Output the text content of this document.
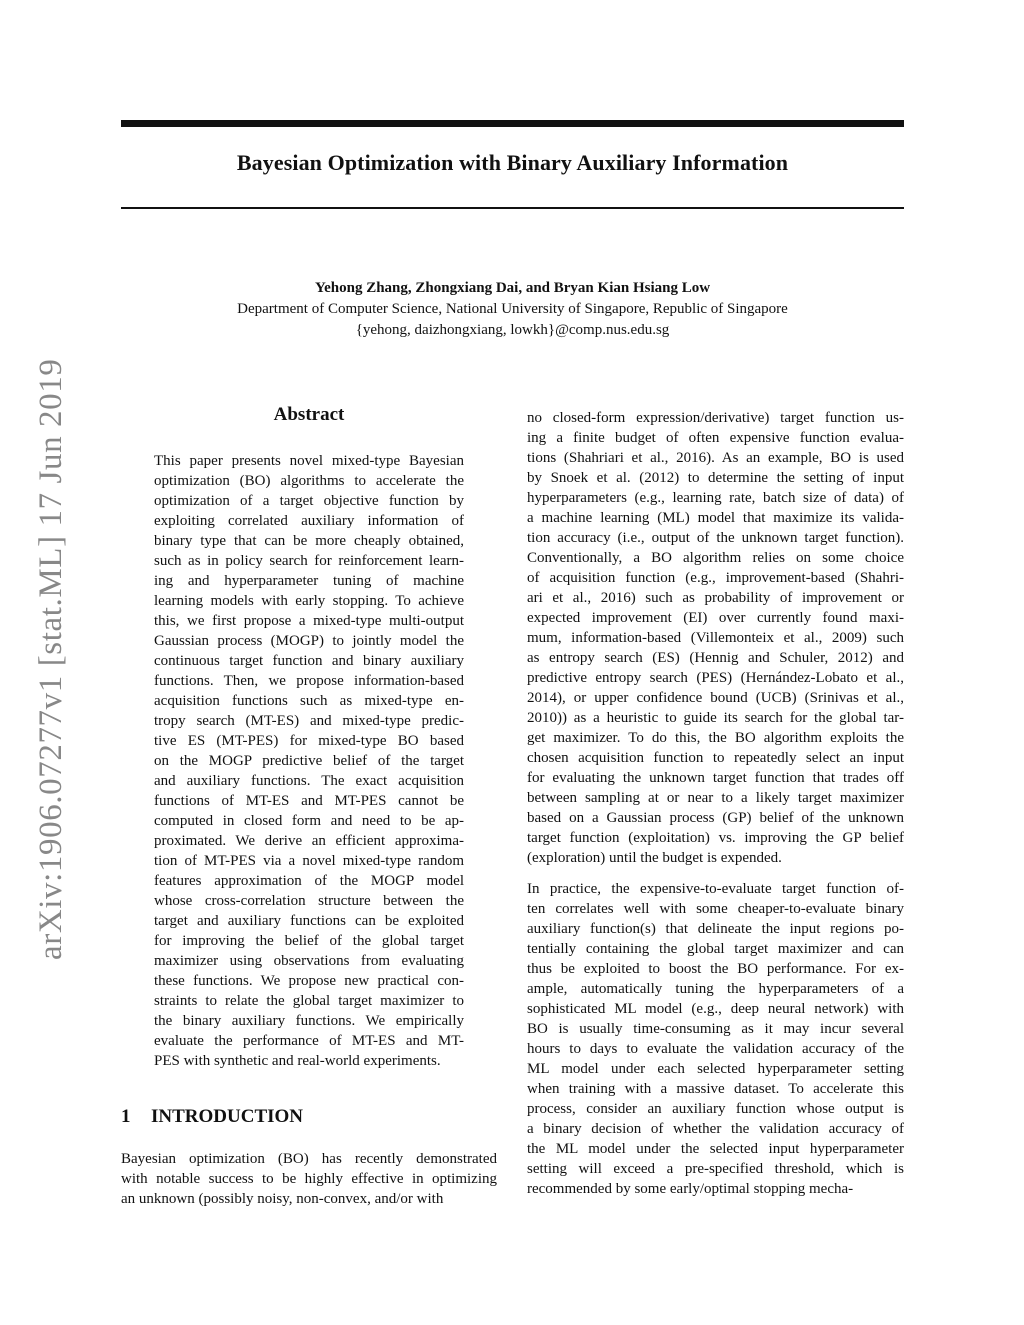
Bayesian Optimization with Binary Auxiliary Information
Yehong Zhang, Zhongxiang Dai, and Bryan Kian Hsiang Low
Department of Computer Science, National University of Singapore, Republic of Singapore
{yehong, daizhongxiang, lowkh}@comp.nus.edu.sg
arXiv:1906.07277v1 [stat.ML] 17 Jun 2019	Abstract
This paper presents novel mixed-type Bayesian
optimization (BO) algorithms to accelerate the
optimization of a target objective function by
exploiting correlated auxiliary information of
binary type that can be more cheaply obtained,
such as in policy search for reinforcement learn-
ing and hyperparameter tuning of machine
learning models with early stopping. To achieve
this, we first propose a mixed-type multi-output
Gaussian process (MOGP) to jointly model the
continuous target function and binary auxiliary
functions. Then, we propose information-based
acquisition functions such as mixed-type en-
tropy search (MT-ES) and mixed-type predic-
tive ES (MT-PES) for mixed-type BO based
on the MOGP predictive belief of the target
and auxiliary functions. The exact acquisition
functions of MT-ES and MT-PES cannot be
computed in closed form and need to be ap-
proximated. We derive an efficient approxima-
tion of MT-PES via a novel mixed-type random
features approximation of the MOGP model
whose cross-correlation structure between the
target and auxiliary functions can be exploited
for improving the belief of the global target
maximizer using observations from evaluating
these functions. We propose new practical con-
straints to relate the global target maximizer to
the binary auxiliary functions. We empirically
evaluate the performance of MT-ES and MT-
PES with synthetic and real-world experiments.
1 INTRODUCTION
Bayesian optimization (BO) has recently demonstrated
with notable success to be highly effective in optimizing
an unknown (possibly noisy, non-convex, and/or with
no closed-form expression/derivative) target function us-
ing a finite budget of often expensive function evalua-
tions (Shahriari et al., 2016). As an example, BO is used
by Snoek et al. (2012) to determine the setting of input
hyperparameters (e.g., learning rate, batch size of data) of
a machine learning (ML) model that maximize its valida-
tion accuracy (i.e., output of the unknown target function).
Conventionally, a BO algorithm relies on some choice
of acquisition function (e.g., improvement-based (Shahri-
ari et al., 2016) such as probability of improvement or
expected improvement (EI) over currently found maxi-
mum, information-based (Villemonteix et al., 2009) such
as entropy search (ES) (Hennig and Schuler, 2012) and
predictive entropy search (PES) (Hernández-Lobato et al.,
2014), or upper confidence bound (UCB) (Srinivas et al.,
2010)) as a heuristic to guide its search for the global tar-
get maximizer. To do this, the BO algorithm exploits the
chosen acquisition function to repeatedly select an input
for evaluating the unknown target function that trades off
between sampling at or near to a likely target maximizer
based on a Gaussian process (GP) belief of the unknown
target function (exploitation) vs. improving the GP belief
(exploration) until the budget is expended.
In practice, the expensive-to-evaluate target function of-
ten correlates well with some cheaper-to-evaluate binary
auxiliary function(s) that delineate the input regions po-
tentially containing the global target maximizer and can
thus be exploited to boost the BO performance. For ex-
ample, automatically tuning the hyperparameters of a
sophisticated ML model (e.g., deep neural network) with
BO is usually time-consuming as it may incur several
hours to days to evaluate the validation accuracy of the
ML model under each selected hyperparameter setting
when training with a massive dataset. To accelerate this
process, consider an auxiliary function whose output is
a binary decision of whether the validation accuracy of
the ML model under the selected input hyperparameter
setting will exceed a pre-specified threshold, which is
recommended by some early/optimal stopping mecha-
